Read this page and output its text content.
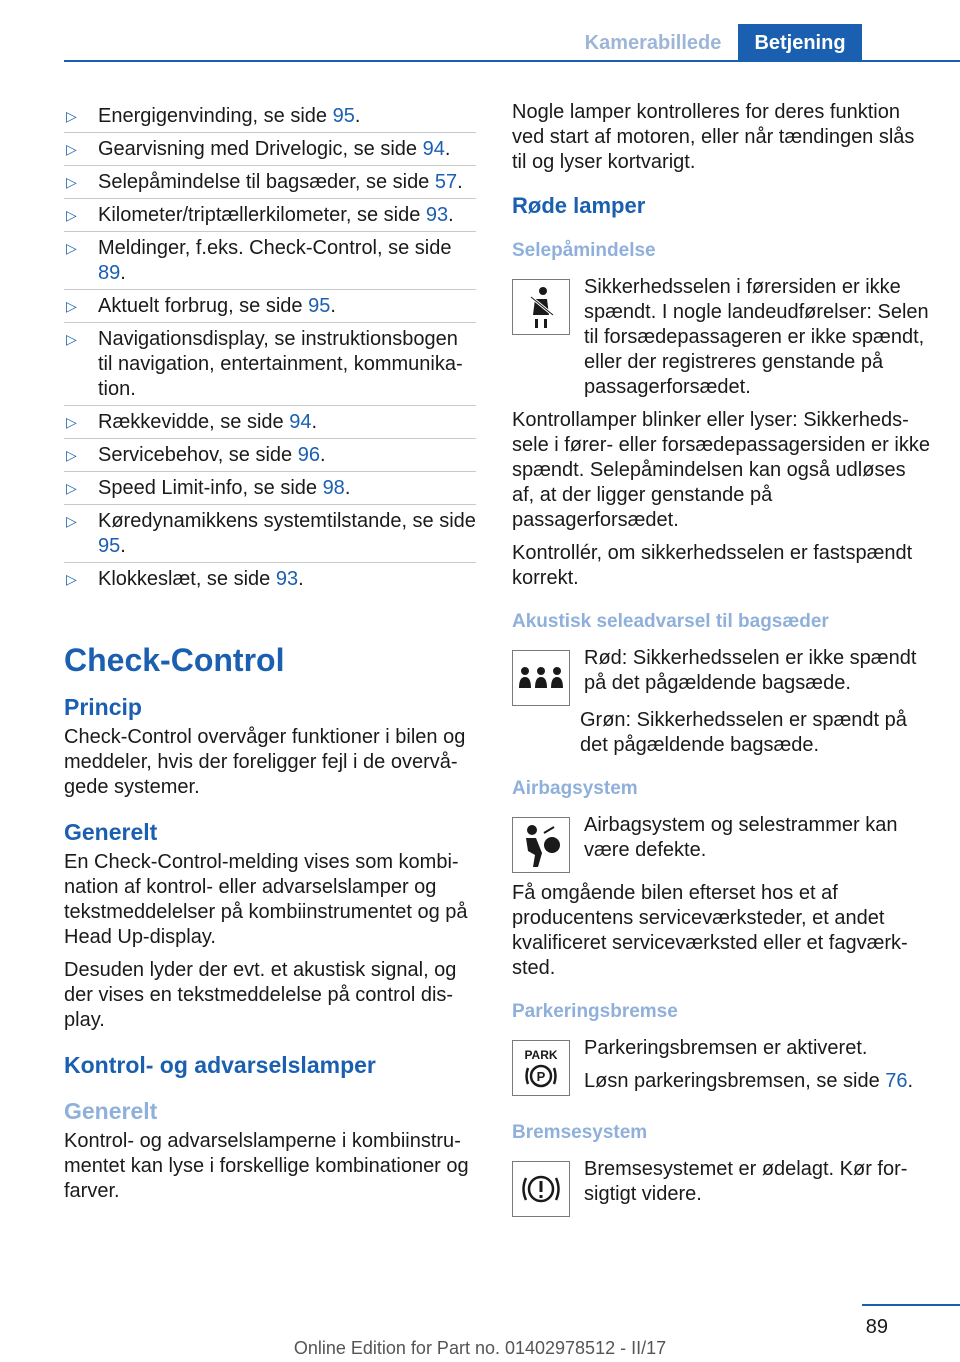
Kamerabillede	Betjening
▷ Energigenvinding, se side 95.
▷ Gearvisning med Drivelogic, se side 94.
▷ Selepåmindelse til bagsæder, se side 57.
▷ Kilometer/triptællerkilometer, se side 93.
▷ Meldinger, f.eks. Check-Control, se side 89.
▷ Aktuelt forbrug, se side 95.
▷ Navigationsdisplay, se instruktionsbogen til navigation, entertainment, kommunikation.
▷ Rækkevidde, se side 94.
▷ Servicebehov, se side 96.
▷ Speed Limit-info, se side 98.
▷ Køredynamikkens systemtilstande, se side 95.
▷ Klokkeslæt, se side 93.
Check-Control
Princip

Check-Control overvåger funktioner i bilen og meddeler, hvis der foreligger fejl i de overvågede systemer.

Generelt

En Check-Control-melding vises som kombination af kontrol- eller advarselslamper og tekstmeddelelser på kombiinstrumentet og på Head Up-display.

Desuden lyder der evt. et akustisk signal, og der vises en tekstmeddelelse på control display.

Kontrol- og advarselslamper
Generelt

Kontrol- og advarselslamperne i kombiinstrumentet kan lyse i forskellige kombinationer og farver.

Nogle lamper kontrolleres for deres funktion ved start af motoren, eller når tændingen slås til og lyser kortvarigt.

Røde lamper
Selepåmindelse
Sikkerhedsselen i førersiden er ikke spændt. I nogle landeudførelser: Selen til forsædepassageren er ikke spændt, eller der registreres genstande på passagerforsædet.

Kontrollamper blinker eller lyser: Sikkerhedssele i fører- eller forsædepassagersiden er ikke spændt. Selepåmindelsen kan også udløses af, at der ligger genstande på passagerforsædet.

Kontrollér, om sikkerhedsselen er fastspændt korrekt.

Akustisk seleadvarsel til bagsæder

Rød: Sikkerhedsselen er ikke spændt på det pågældende bagsæde.

Grøn: Sikkerhedsselen er spændt på det pågældende bagsæde.

Airbagsystem
Airbagsystem og selestrammer kan være defekte.

Få omgående bilen efterset hos et af producentens serviceværksteder, et andet kvalificeret serviceværksted eller et fagværksted.

Parkeringsbremse
PARK
P

Parkeringsbremsen er aktiveret.

Løsn parkeringsbremsen, se side 76.

Bremsesystem
Bremsesystemet er ødelagt. Kør forsigtigt videre.
89
Online Edition for Part no. 01402978512 - II/17
